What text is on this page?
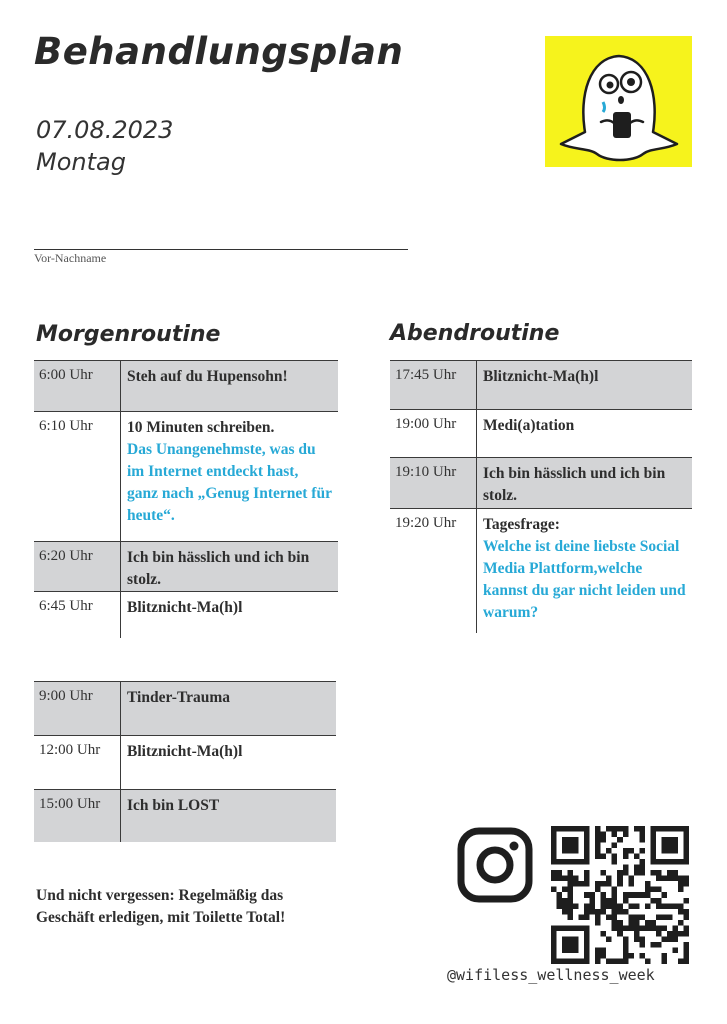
Behandlungsplan
07.08.2023
Montag
Vor-Nachname
Morgenroutine	Abendroutine
6:00 Uhr	Steh auf du Hupensohn!
6:10 Uhr	10 Minuten schreiben.
Das Unangenehmste, was du im Internet entdeckt hast, ganz nach „Genug Internet für heute“.
6:20 Uhr	Ich bin hässlich und ich bin stolz.
6:45 Uhr	Blitznicht-Ma(h)l
9:00 Uhr	Tinder-Trauma
12:00 Uhr	Blitznicht-Ma(h)l
15:00 Uhr	Ich bin LOST
17:45 Uhr	Blitznicht-Ma(h)l
19:00 Uhr	Medi(a)tation
19:10 Uhr	Ich bin hässlich und ich bin stolz.
19:20 Uhr	Tagesfrage:
Welche ist deine liebste Social Media Plattform,welche kannst du gar nicht leiden und warum?
Und nicht vergessen: Regelmäßig das Geschäft erledigen, mit Toilette Total!
@wifiless_wellness_week
